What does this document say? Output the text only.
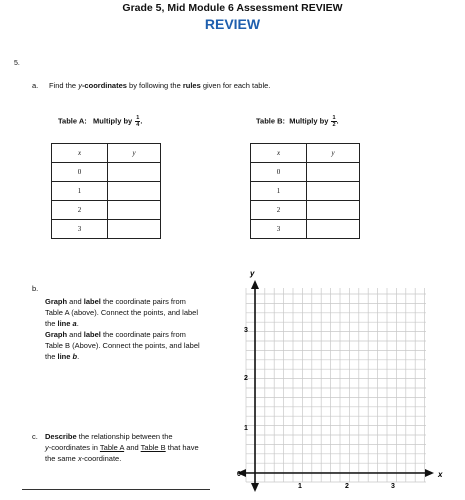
Grade 5, Mid Module 6 Assessment REVIEW
REVIEW
5.
a. Find the y-coordinates by following the rules given for each table.
Table A: Multiply by $\frac{1}{4}$ .	Table B: Multiply by $\frac{1}{2}$ .
x	y
0	
1	
2	
3	
x	y
0	
1	
2	
3	
b.
Graph and label the coordinate pairs from
Table A (above). Connect the points, and label
the line a.
Graph and label the coordinate pairs from
Table B (Above). Connect the points, and label
the line b.
c. Describe the relationship between the
y-coordinates in Table A and Table B that have
the same x-coordinate.
y
x
0
1	2	3
1
2
3
